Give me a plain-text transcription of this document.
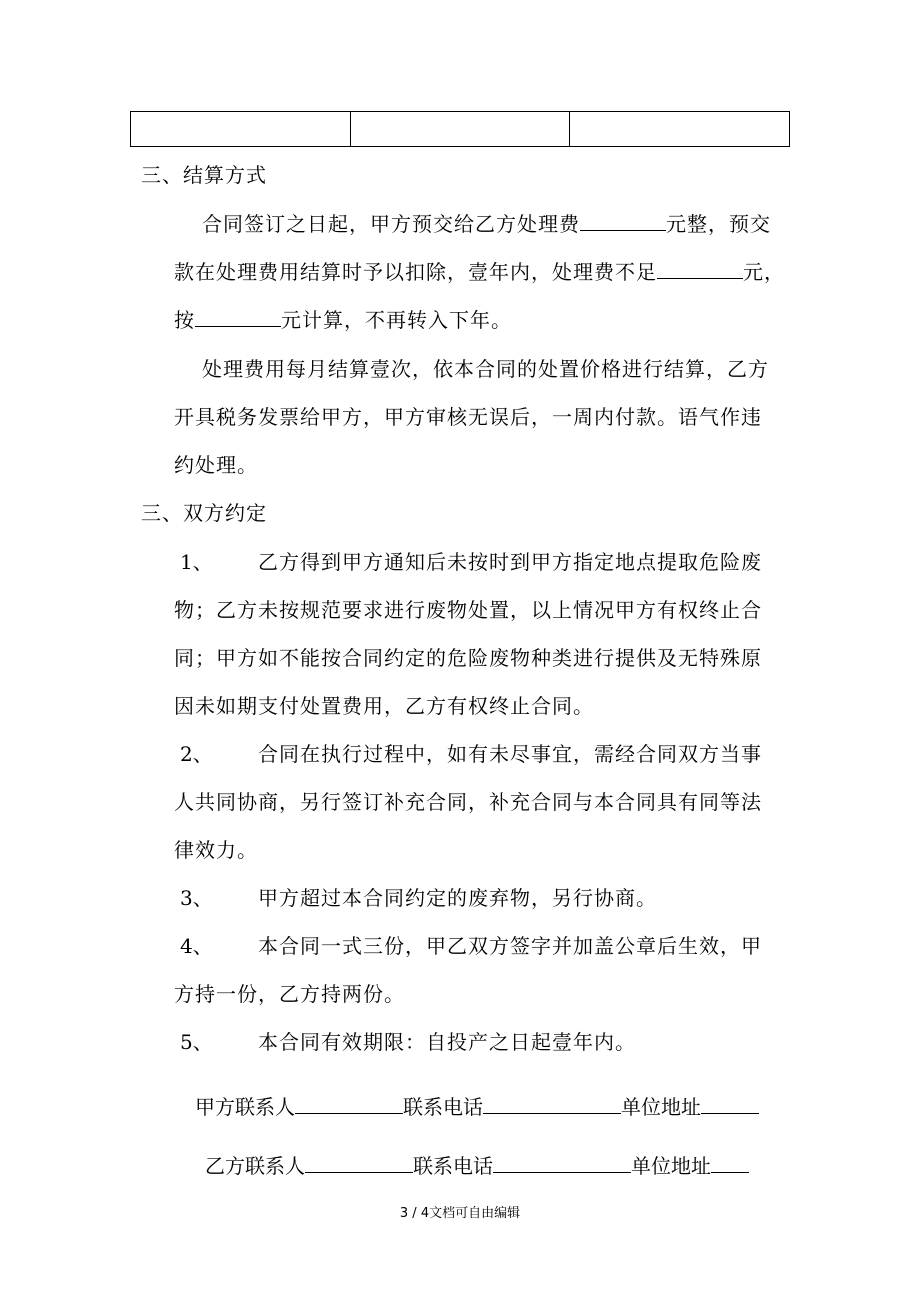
三、结算方式
合同签订之日起，甲方预交给乙方处理费	元整，预交
款在处理费用结算时予以扣除，壹年内，处理费不足	元，
按	元计算，不再转入下年。
处理费用每月结算壹次，依本合同的处置价格进行结算，乙方
开具税务发票给甲方，甲方审核无误后，一周内付款。语气作违
约处理。
三、双方约定
1、 乙方得到甲方通知后未按时到甲方指定地点提取危险废
物；乙方未按规范要求进行废物处置，以上情况甲方有权终止合
同；甲方如不能按合同约定的危险废物种类进行提供及无特殊原
因未如期支付处置费用，乙方有权终止合同。
2、 合同在执行过程中，如有未尽事宜，需经合同双方当事
人共同协商，另行签订补充合同，补充合同与本合同具有同等法
律效力。
3、 甲方超过本合同约定的废弃物，另行协商。
4、 本合同一式三份，甲乙双方签字并加盖公章后生效，甲
方持一份，乙方持两份。
5、 本合同有效期限：自投产之日起壹年内。
甲方联系人	联系电话	单位地址
乙方联系人	联系电话	单位地址
3 / 4文档可自由编辑
